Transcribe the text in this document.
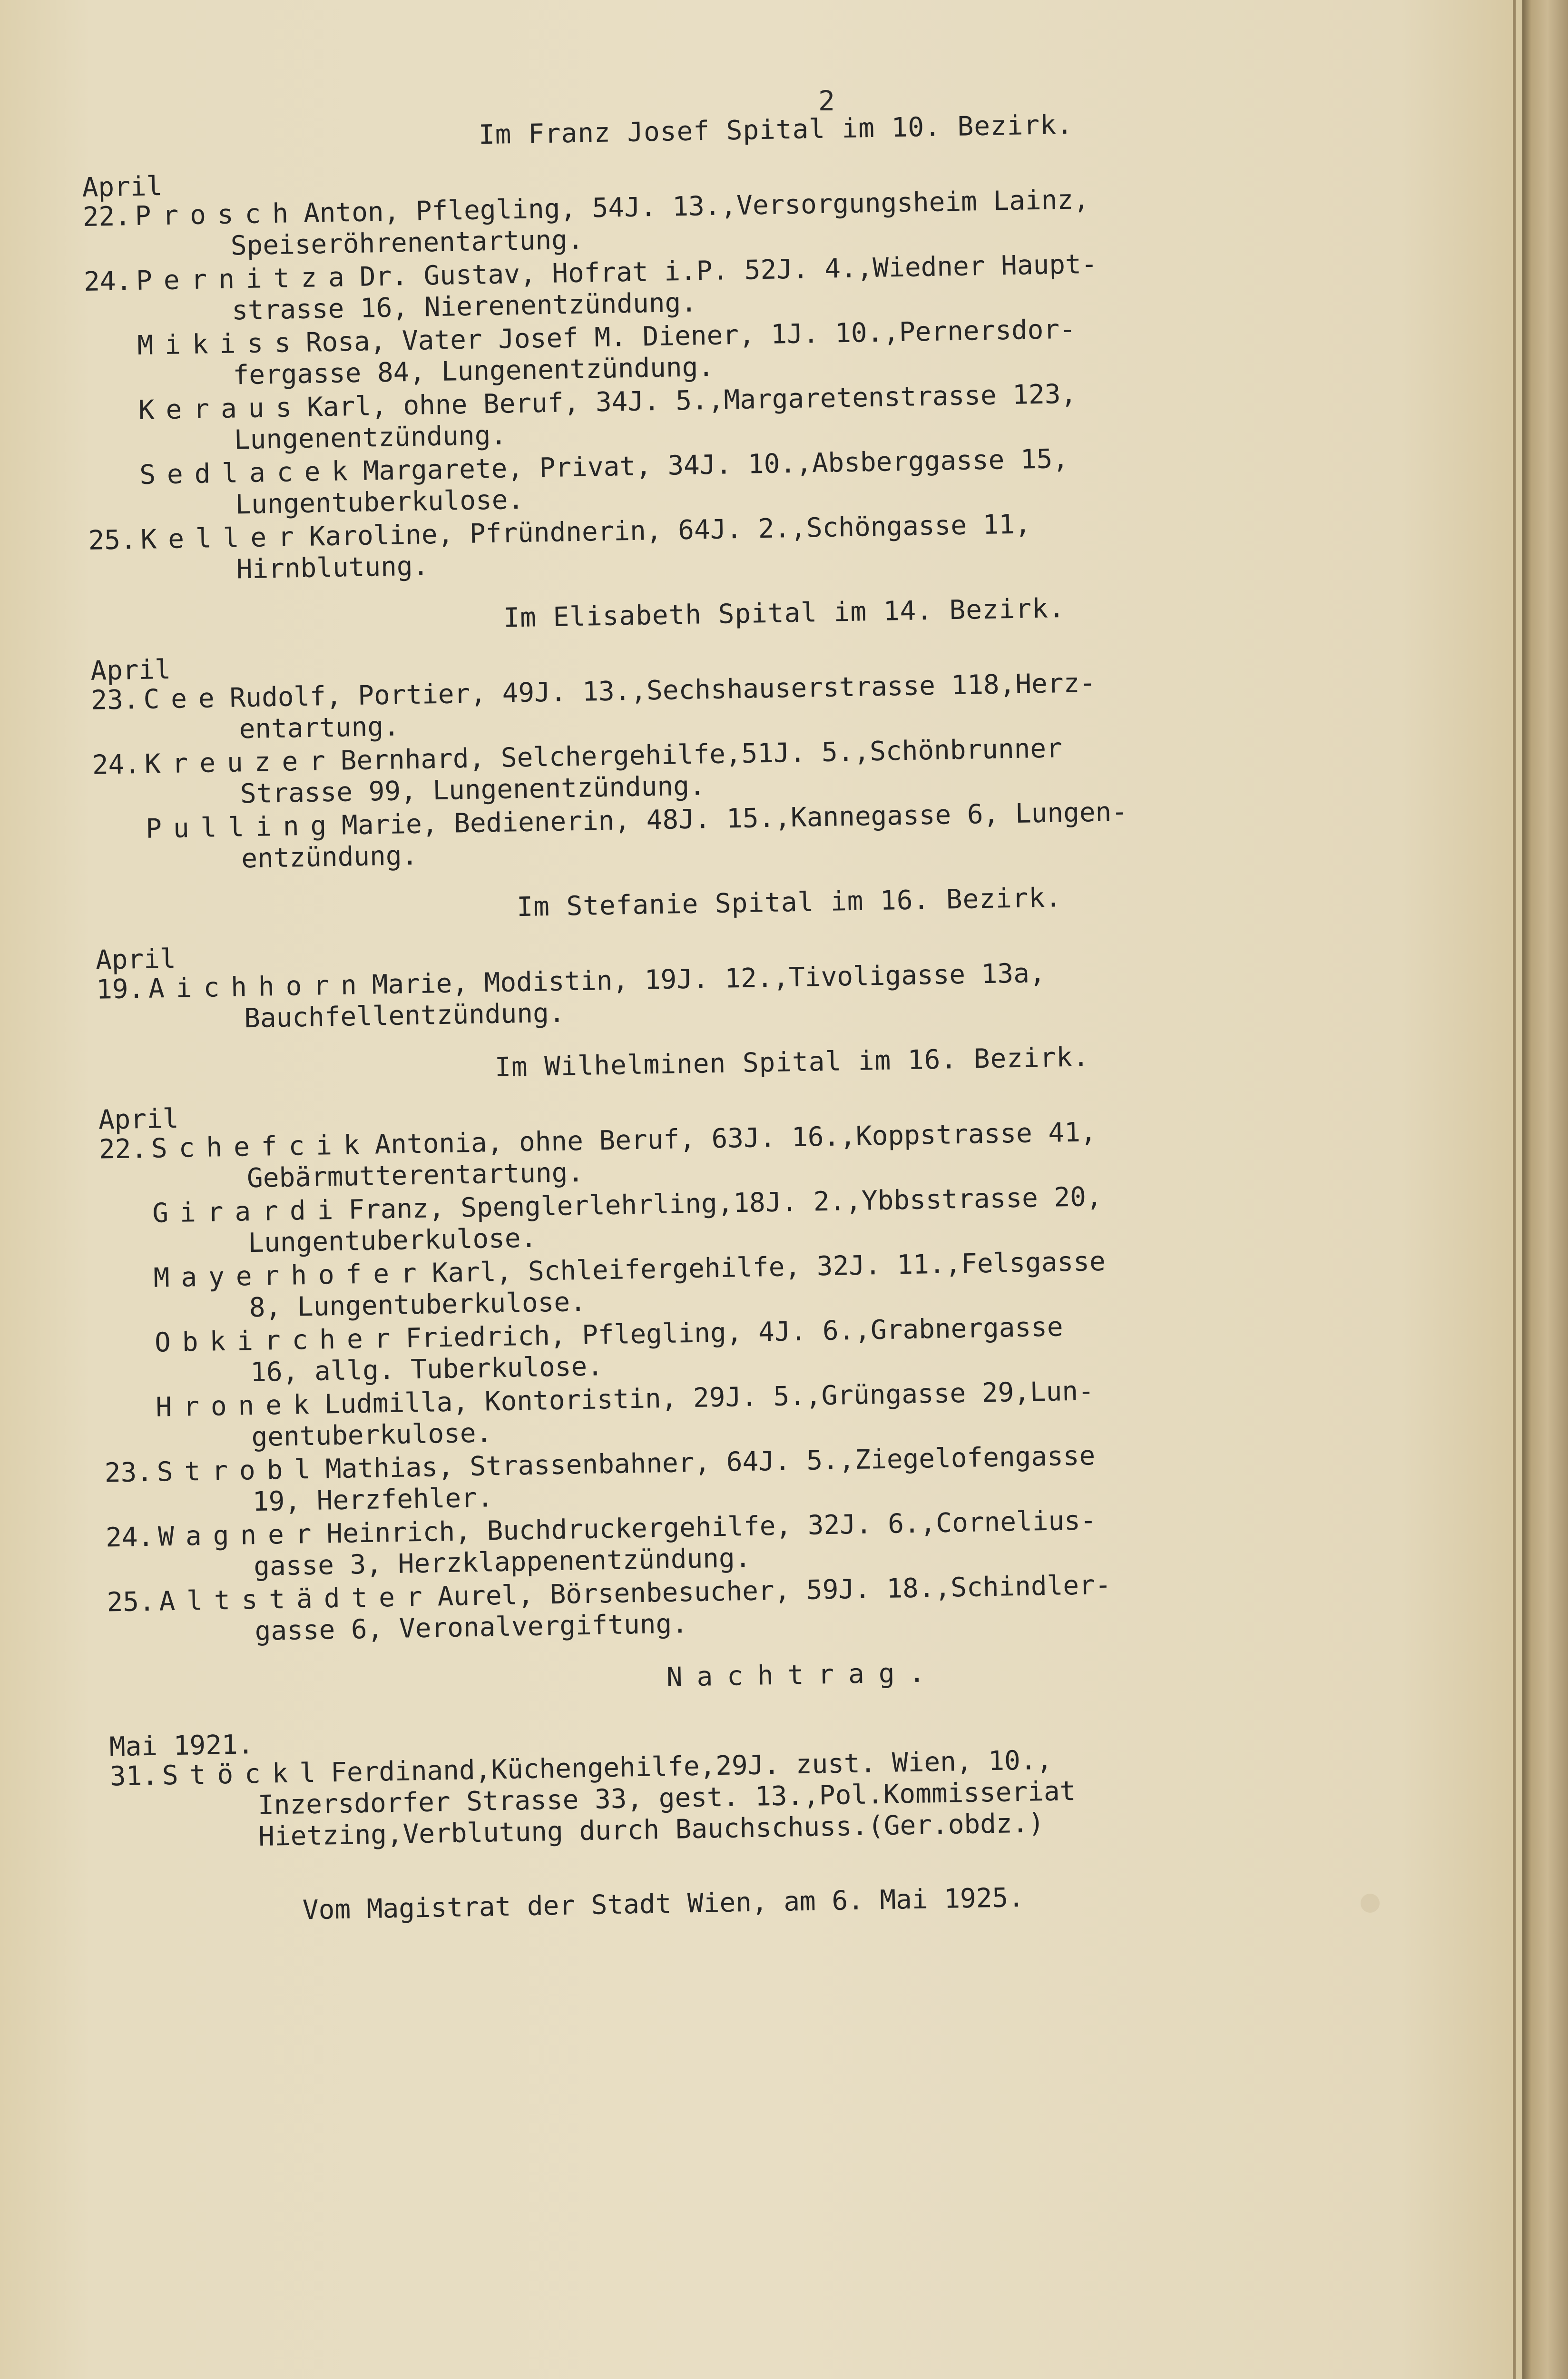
2
Im Franz Josef Spital im 10. Bezirk.
April
22. Prosch Anton, Pflegling, 54J. 13.,Versorgungsheim Lainz,
Speiseröhrenentartung.
24. Pernitza Dr. Gustav, Hofrat i.P. 52J. 4.,Wiedner Haupt-
strasse 16, Nierenentzündung.
Mikiss Rosa, Vater Josef M. Diener, 1J. 10.,Pernersdor-
fergasse 84, Lungenentzündung.
Keraus Karl, ohne Beruf, 34J. 5.,Margaretenstrasse 123,
Lungenentzündung.
Sedlacek Margarete, Privat, 34J. 10.,Absberggasse 15,
Lungentuberkulose.
25. Keller Karoline, Pfründnerin, 64J. 2.,Schöngasse 11,
Hirnblutung.
Im Elisabeth Spital im 14. Bezirk.
April
23. Cee Rudolf, Portier, 49J. 13.,Sechshauserstrasse 118,Herz-
entartung.
24. Kreuzer Bernhard, Selchergehilfe,51J. 5.,Schönbrunner
Strasse 99, Lungenentzündung.
Pulling Marie, Bedienerin, 48J. 15.,Kannegasse 6, Lungen-
entzündung.
Im Stefanie Spital im 16. Bezirk.
April
19. Aichhorn Marie, Modistin, 19J. 12.,Tivoligasse 13a,
Bauchfellentzündung.
Im Wilhelminen Spital im 16. Bezirk.
April
22. Schefcik Antonia, ohne Beruf, 63J. 16.,Koppstrasse 41,
Gebärmutterentartung.
Girardi Franz, Spenglerlehrling,18J. 2.,Ybbsstrasse 20,
Lungentuberkulose.
Mayerhofer Karl, Schleifergehilfe, 32J. 11.,Felsgasse
8, Lungentuberkulose.
Obkircher Friedrich, Pflegling, 4J. 6.,Grabnergasse
16, allg. Tuberkulose.
Hronek Ludmilla, Kontoristin, 29J. 5.,Grüngasse 29,Lun-
gentuberkulose.
23. Strobl Mathias, Strassenbahner, 64J. 5.,Ziegelofengasse
19, Herzfehler.
24. Wagner Heinrich, Buchdruckergehilfe, 32J. 6.,Cornelius-
gasse 3, Herzklappenentzündung.
25. Altstädter Aurel, Börsenbesucher, 59J. 18.,Schindler-
gasse 6, Veronalvergiftung.
Nachtrag.
Mai 1921.
31. Stöckl Ferdinand,Küchengehilfe,29J. zust. Wien, 10.,
Inzersdorfer Strasse 33, gest. 13.,Pol.Kommisseriat
Hietzing,Verblutung durch Bauchschuss.(Ger.obdz.)
Vom Magistrat der Stadt Wien, am 6. Mai 1925.
